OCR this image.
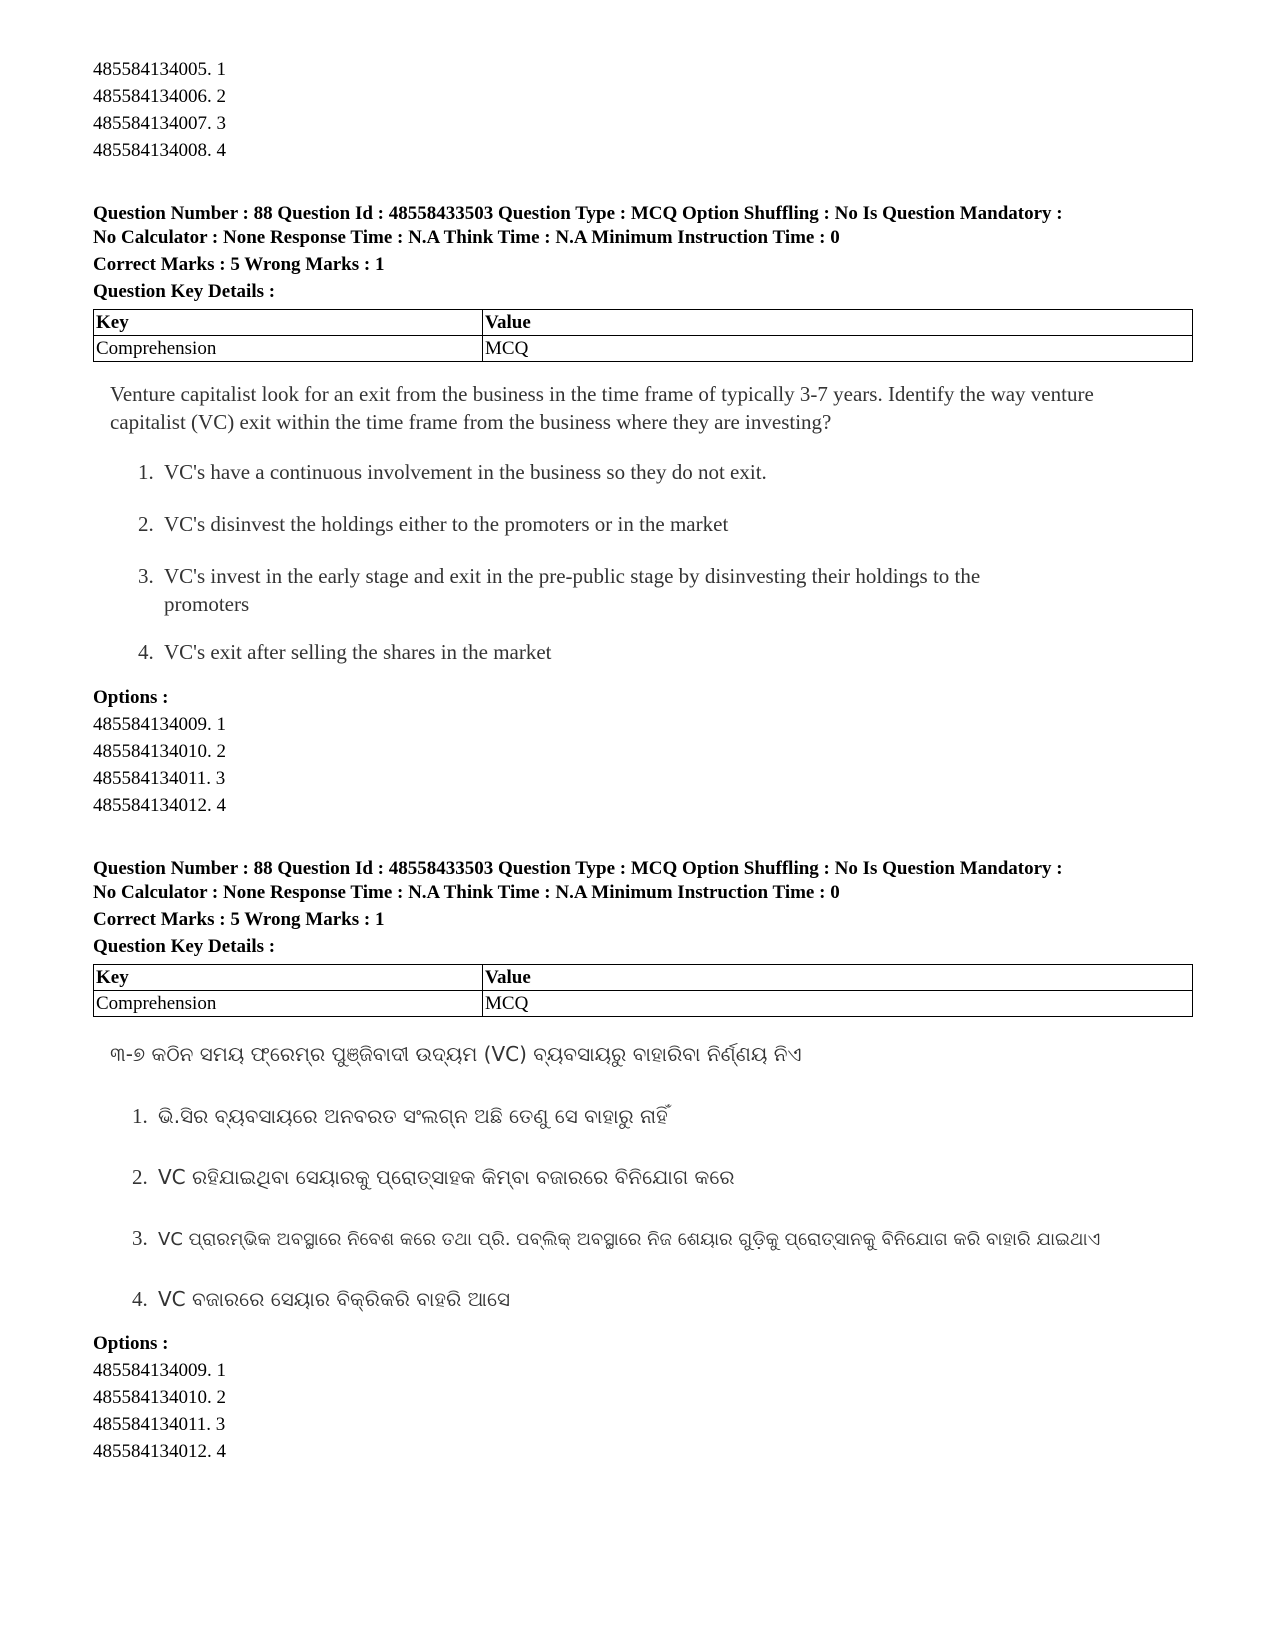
485584134005. 1
485584134006. 2
485584134007. 3
485584134008. 4
Question Number : 88 Question Id : 48558433503 Question Type : MCQ Option Shuffling : No Is Question Mandatory :
No Calculator : None Response Time : N.A Think Time : N.A Minimum Instruction Time : 0
Correct Marks : 5 Wrong Marks : 1
Question Key Details :
Key	Value
Comprehension	MCQ
Venture capitalist look for an exit from the business in the time frame of typically 3-7 years. Identify the way venture capitalist (VC) exit within the time frame from the business where they are investing?
1. VC's have a continuous involvement in the business so they do not exit.
2. VC's disinvest the holdings either to the promoters or in the market
3. VC's invest in the early stage and exit in the pre-public stage by disinvesting their holdings to the promoters
4. VC's exit after selling the shares in the market
Options :
485584134009. 1
485584134010. 2
485584134011. 3
485584134012. 4
Question Number : 88 Question Id : 48558433503 Question Type : MCQ Option Shuffling : No Is Question Mandatory :
No Calculator : None Response Time : N.A Think Time : N.A Minimum Instruction Time : 0
Correct Marks : 5 Wrong Marks : 1
Question Key Details :
Key	Value
Comprehension	MCQ
୩-୭ କଠିନ ସମୟ ଫ୍ରେମ୍ର ପୁଞ୍ଜିବାଦୀ ଉଦ୍ୟମ (VC) ବ୍ୟବସାୟରୁ ବାହାରିବା ନିର୍ଣ୍ଣୟ ନିଏ
1. ଭି.ସିର ବ୍ୟବସାୟରେ ଅନବରତ ସଂଲଗ୍ନ ଅଛି ତେଣୁ ସେ ବାହାରୁ ନାହିଁ
2. VC ରହିଯାଇଥିବା ସେୟାରକୁ ପ୍ରୋତ୍ସାହକ କିମ୍ବା ବଜାରରେ ବିନିଯୋଗ କରେ
3. VC ପ୍ରାରମ୍ଭିକ ଅବସ୍ଥାରେ ନିବେଶ କରେ ତଥା ପ୍ରି. ପବ୍ଲିକ୍ ଅବସ୍ଥାରେ ନିଜ ଶେୟାର ଗୁଡ଼ିକୁ ପ୍ରୋତ୍ସାନକୁ ବିନିଯୋଗ କରି ବାହାରି ଯାଇଥାଏ
4. VC ବଜାରରେ ସେୟାର ବିକ୍ରିକରି ବାହରି ଆସେ
Options :
485584134009. 1
485584134010. 2
485584134011. 3
485584134012. 4
